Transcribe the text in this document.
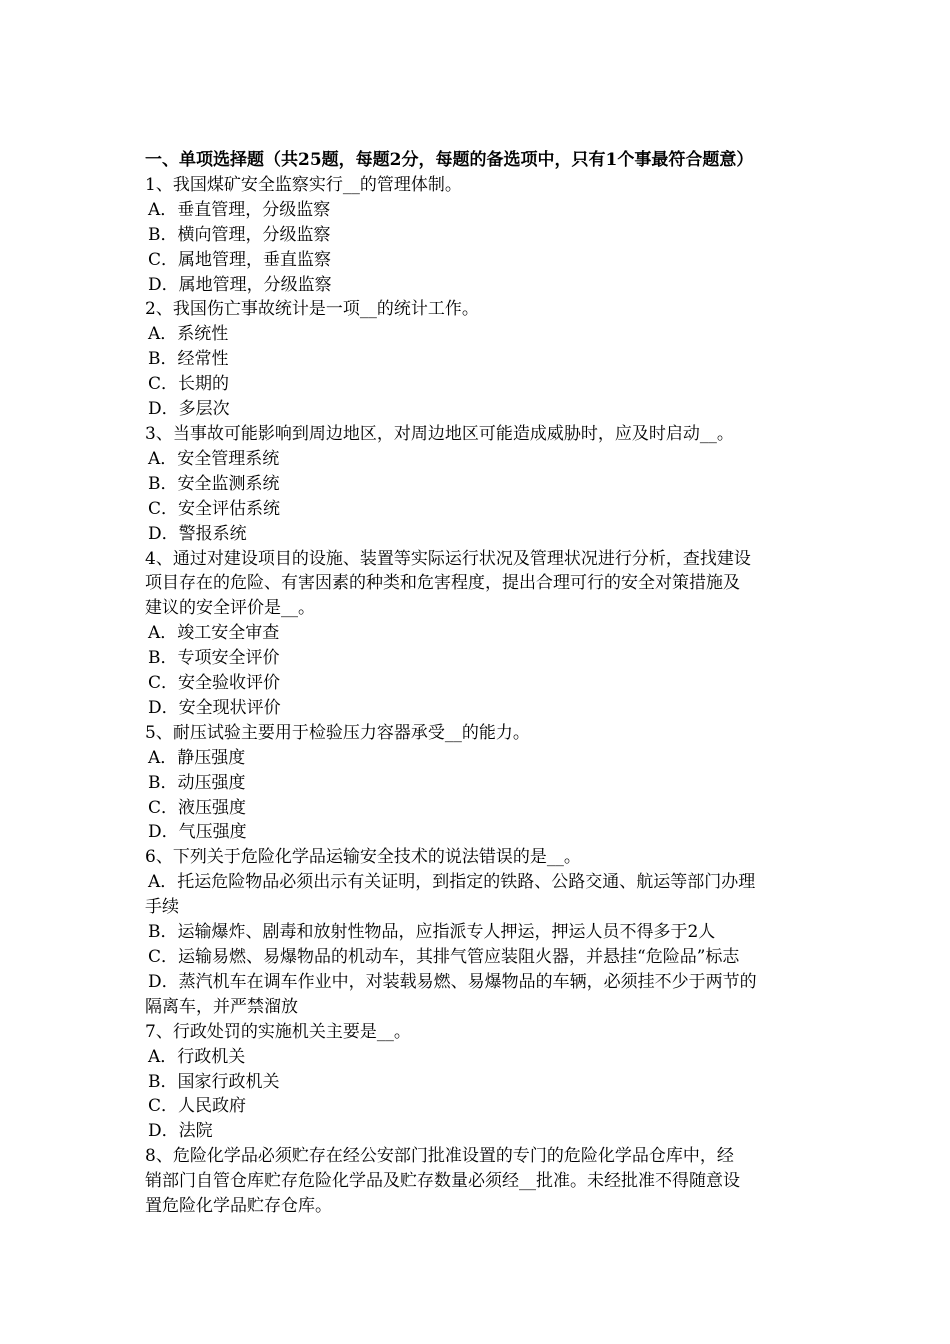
一、单项选择题（共25题，每题2分，每题的备选项中，只有1个事最符合题意）
1、我国煤矿安全监察实行__的管理体制。
A．垂直管理，分级监察
B．横向管理，分级监察
C．属地管理，垂直监察
D．属地管理，分级监察
2、我国伤亡事故统计是一项__的统计工作。
A．系统性
B．经常性
C．长期的
D．多层次
3、当事故可能影响到周边地区，对周边地区可能造成威胁时，应及时启动__。
A．安全管理系统
B．安全监测系统
C．安全评估系统
D．警报系统
4、通过对建设项目的设施、装置等实际运行状况及管理状况进行分析，查找建设
项目存在的危险、有害因素的种类和危害程度，提出合理可行的安全对策措施及
建议的安全评价是__。
A．竣工安全审查
B．专项安全评价
C．安全验收评价
D．安全现状评价
5、耐压试验主要用于检验压力容器承受__的能力。
A．静压强度
B．动压强度
C．液压强度
D．气压强度
6、下列关于危险化学品运输安全技术的说法错误的是__。
A．托运危险物品必须出示有关证明，到指定的铁路、公路交通、航运等部门办理
手续
B．运输爆炸、剧毒和放射性物品，应指派专人押运，押运人员不得多于2人
C．运输易燃、易爆物品的机动车，其排气管应装阻火器，并悬挂“危险品”标志
D．蒸汽机车在调车作业中，对装载易燃、易爆物品的车辆，必须挂不少于两节的
隔离车，并严禁溜放
7、行政处罚的实施机关主要是__。
A．行政机关
B．国家行政机关
C．人民政府
D．法院
8、危险化学品必须贮存在经公安部门批准设置的专门的危险化学品仓库中，经
销部门自管仓库贮存危险化学品及贮存数量必须经__批准。未经批准不得随意设
置危险化学品贮存仓库。
